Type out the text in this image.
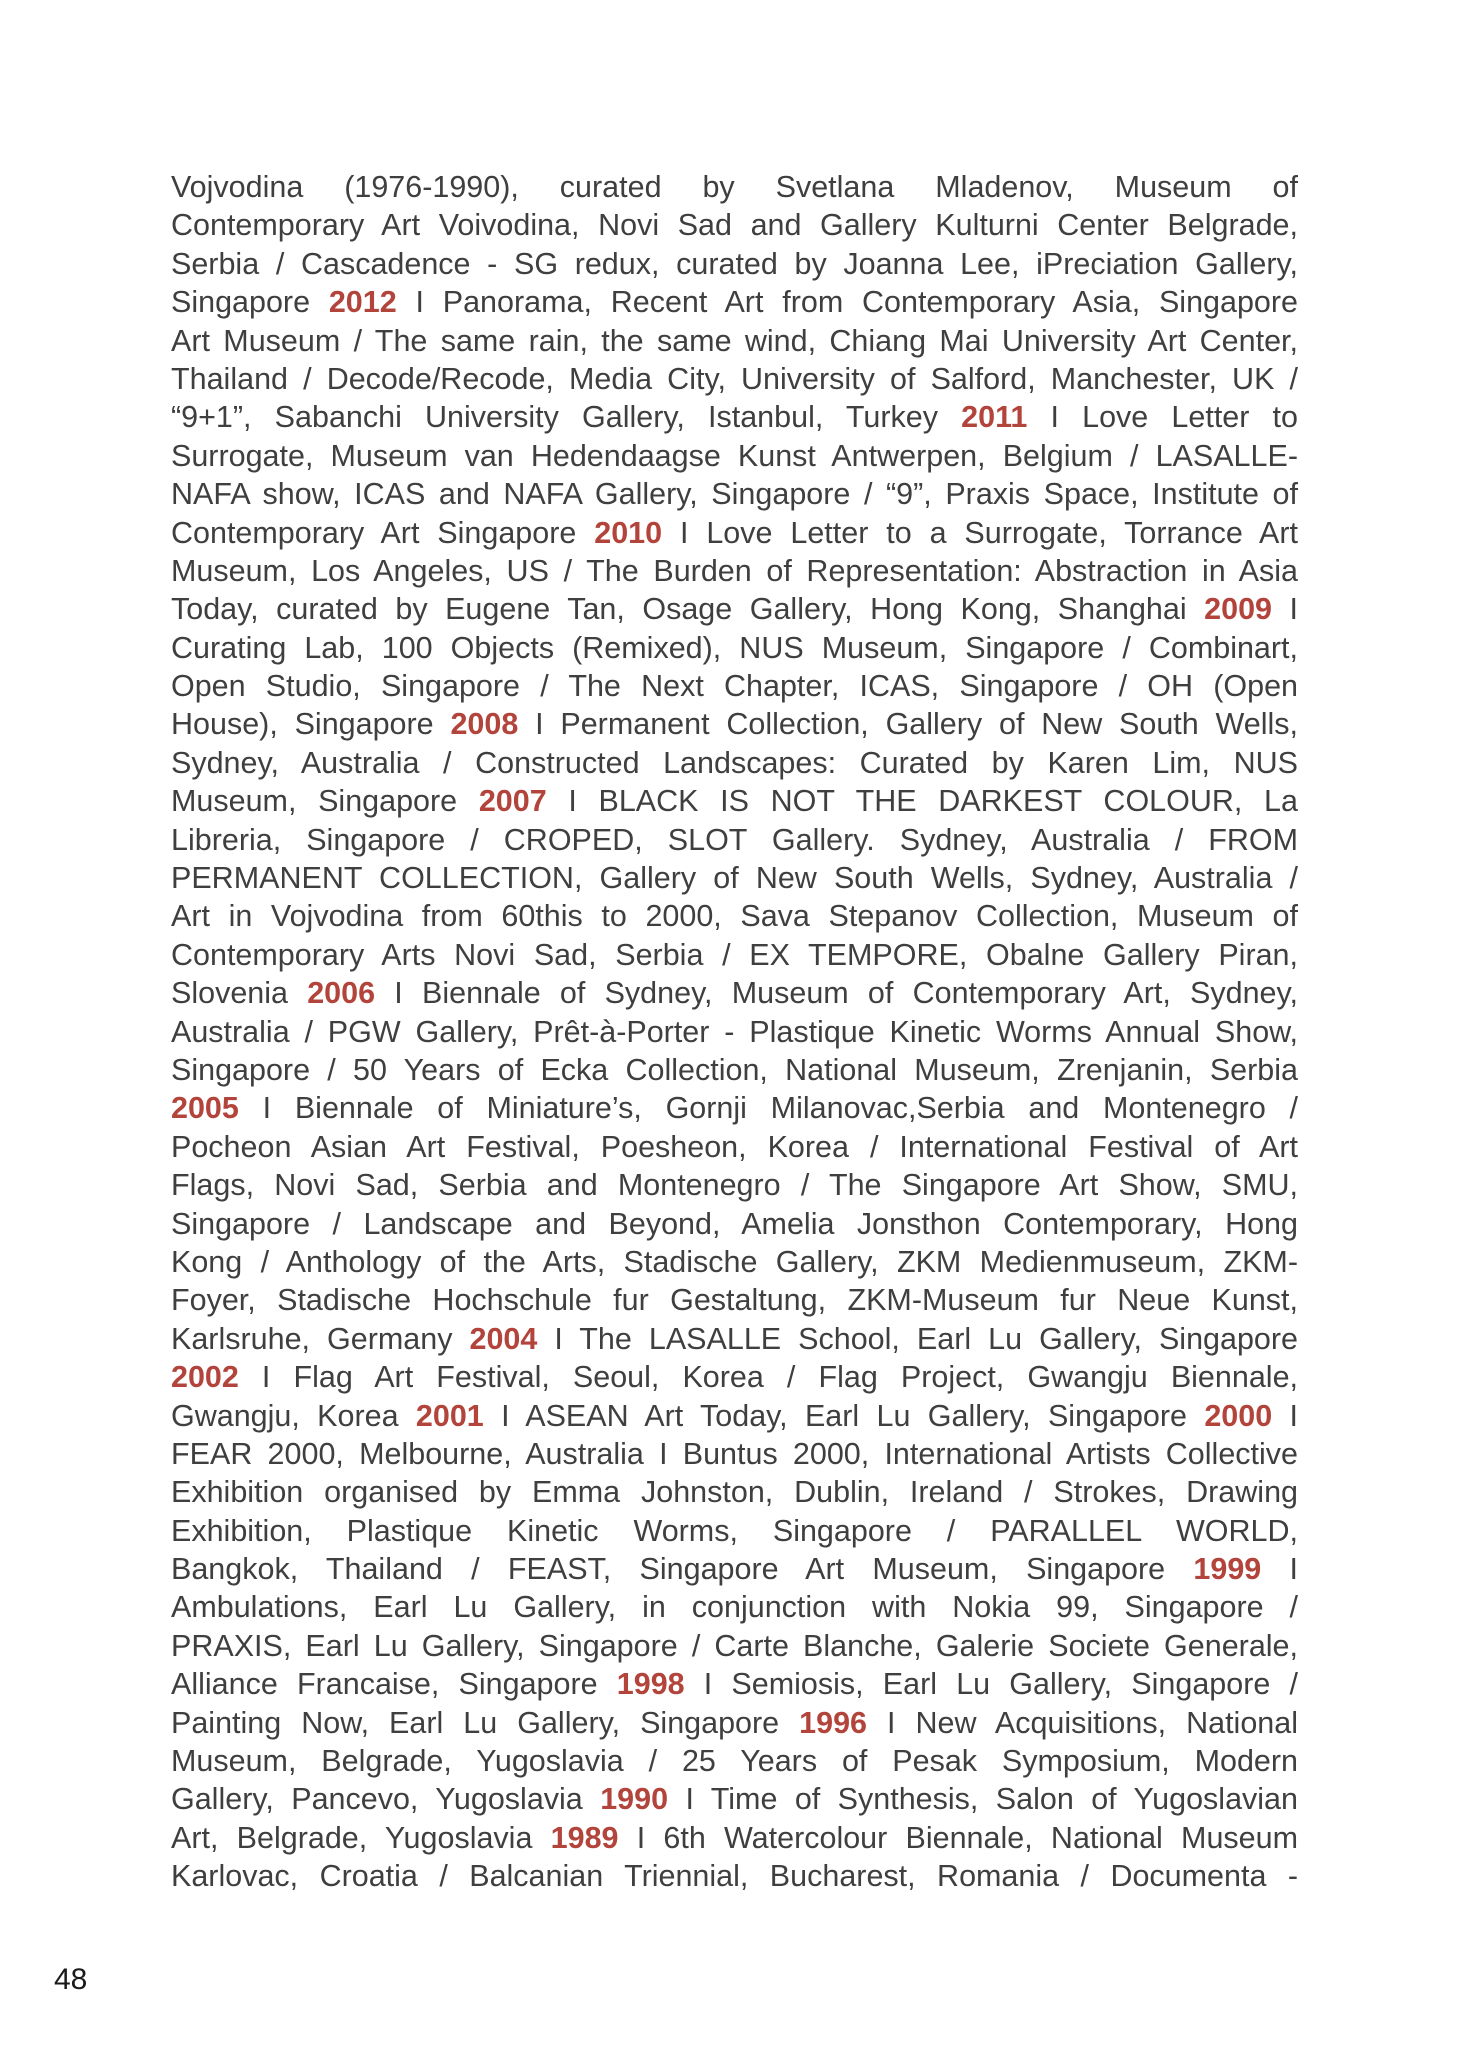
Vojvodina (1976-1990), curated by Svetlana Mladenov, Museum of
Contemporary Art Voivodina, Novi Sad and Gallery Kulturni Center Belgrade,
Serbia / Cascadence - SG redux, curated by Joanna Lee, iPreciation Gallery,
Singapore 2012 I Panorama, Recent Art from Contemporary Asia, Singapore
Art Museum / The same rain, the same wind, Chiang Mai University Art Center,
Thailand / Decode/Recode, Media City, University of Salford, Manchester, UK /
“9+1”, Sabanchi University Gallery, Istanbul, Turkey 2011 I Love Letter to
Surrogate, Museum van Hedendaagse Kunst Antwerpen, Belgium / LASALLE-
NAFA show, ICAS and NAFA Gallery, Singapore / “9”, Praxis Space, Institute of
Contemporary Art Singapore 2010 I Love Letter to a Surrogate, Torrance Art
Museum, Los Angeles, US / The Burden of Representation: Abstraction in Asia
Today, curated by Eugene Tan, Osage Gallery, Hong Kong, Shanghai 2009 I
Curating Lab, 100 Objects (Remixed), NUS Museum, Singapore / Combinart,
Open Studio, Singapore / The Next Chapter, ICAS, Singapore / OH (Open
House), Singapore 2008 I Permanent Collection, Gallery of New South Wells,
Sydney, Australia / Constructed Landscapes: Curated by Karen Lim, NUS
Museum, Singapore 2007 I BLACK IS NOT THE DARKEST COLOUR, La
Libreria, Singapore / CROPED, SLOT Gallery. Sydney, Australia / FROM
PERMANENT COLLECTION, Gallery of New South Wells, Sydney, Australia /
Art in Vojvodina from 60this to 2000, Sava Stepanov Collection, Museum of
Contemporary Arts Novi Sad, Serbia / EX TEMPORE, Obalne Gallery Piran,
Slovenia 2006 I Biennale of Sydney, Museum of Contemporary Art, Sydney,
Australia / PGW Gallery, Prêt-à-Porter - Plastique Kinetic Worms Annual Show,
Singapore / 50 Years of Ecka Collection, National Museum, Zrenjanin, Serbia
2005 I Biennale of Miniature’s, Gornji Milanovac,Serbia and Montenegro /
Pocheon Asian Art Festival, Poesheon, Korea / International Festival of Art
Flags, Novi Sad, Serbia and Montenegro / The Singapore Art Show, SMU,
Singapore / Landscape and Beyond, Amelia Jonsthon Contemporary, Hong
Kong / Anthology of the Arts, Stadische Gallery, ZKM Medienmuseum, ZKM-
Foyer, Stadische Hochschule fur Gestaltung, ZKM-Museum fur Neue Kunst,
Karlsruhe, Germany 2004 I The LASALLE School, Earl Lu Gallery, Singapore
2002 I Flag Art Festival, Seoul, Korea / Flag Project, Gwangju Biennale,
Gwangju, Korea 2001 I ASEAN Art Today, Earl Lu Gallery, Singapore 2000 I
FEAR 2000, Melbourne, Australia I Buntus 2000, International Artists Collective
Exhibition organised by Emma Johnston, Dublin, Ireland / Strokes, Drawing
Exhibition, Plastique Kinetic Worms, Singapore / PARALLEL WORLD,
Bangkok, Thailand / FEAST, Singapore Art Museum, Singapore 1999 I
Ambulations, Earl Lu Gallery, in conjunction with Nokia 99, Singapore /
PRAXIS, Earl Lu Gallery, Singapore / Carte Blanche, Galerie Societe Generale,
Alliance Francaise, Singapore 1998 I Semiosis, Earl Lu Gallery, Singapore /
Painting Now, Earl Lu Gallery, Singapore 1996 I New Acquisitions, National
Museum, Belgrade, Yugoslavia / 25 Years of Pesak Symposium, Modern
Gallery, Pancevo, Yugoslavia 1990 I Time of Synthesis, Salon of Yugoslavian
Art, Belgrade, Yugoslavia 1989 I 6th Watercolour Biennale, National Museum
Karlovac, Croatia / Balcanian Triennial, Bucharest, Romania / Documenta -
48
